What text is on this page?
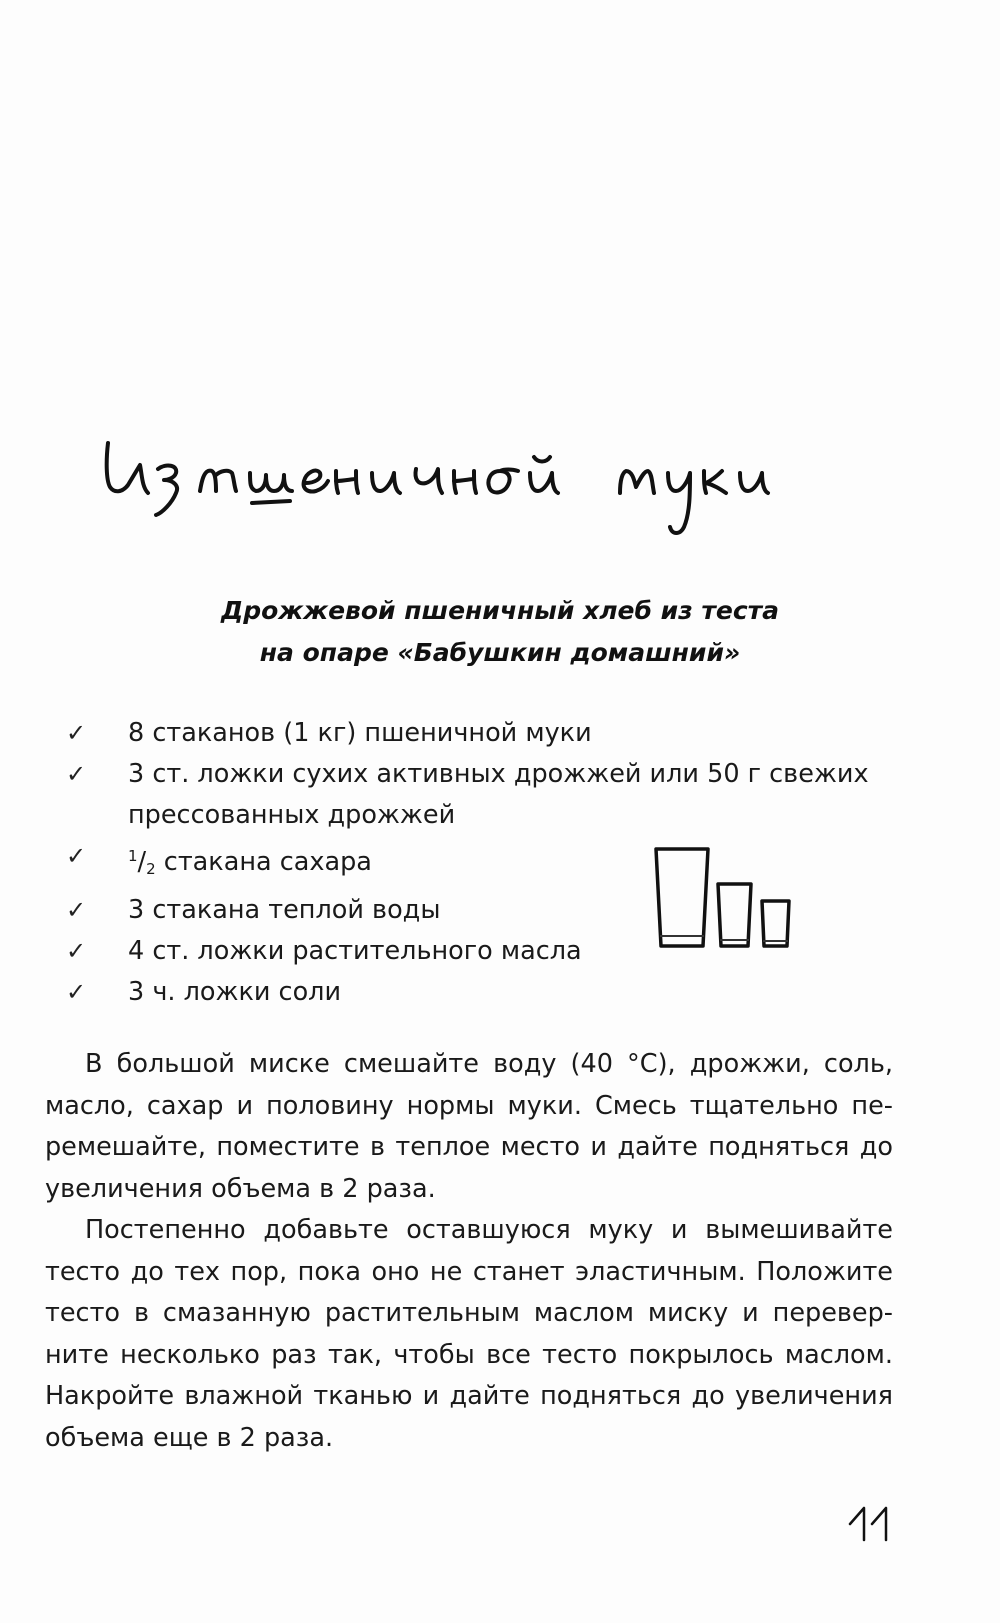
Дрожжевой пшеничный хлеб из теста
на опаре «Бабушкин домашний»
✓ 8 стаканов (1 кг) пшеничной муки
✓ 3 ст. ложки сухих активных дрожжей или 50 г свежих прессованных дрожжей
✓	$^1/_2$ стакана сахара
✓ 3 стакана теплой воды
✓ 4 ст. ложки растительного масла
✓ 3 ч. ложки соли

В большой миске смешайте воду (40 °С), дрожжи, соль, масло, сахар и половину нормы муки. Смесь тщательно перемешайте, поместите в теплое место и дайте подняться до увеличения объема в 2 раза.

Постепенно добавьте оставшуюся муку и вымешивайте тесто до тех пор, пока оно не станет эластичным. Положите тесто в смазанную растительным маслом миску и переверните несколько раз так, чтобы все тесто покрылось маслом. Накройте влажной тканью и дайте подняться до увеличения объема еще в 2 раза.
